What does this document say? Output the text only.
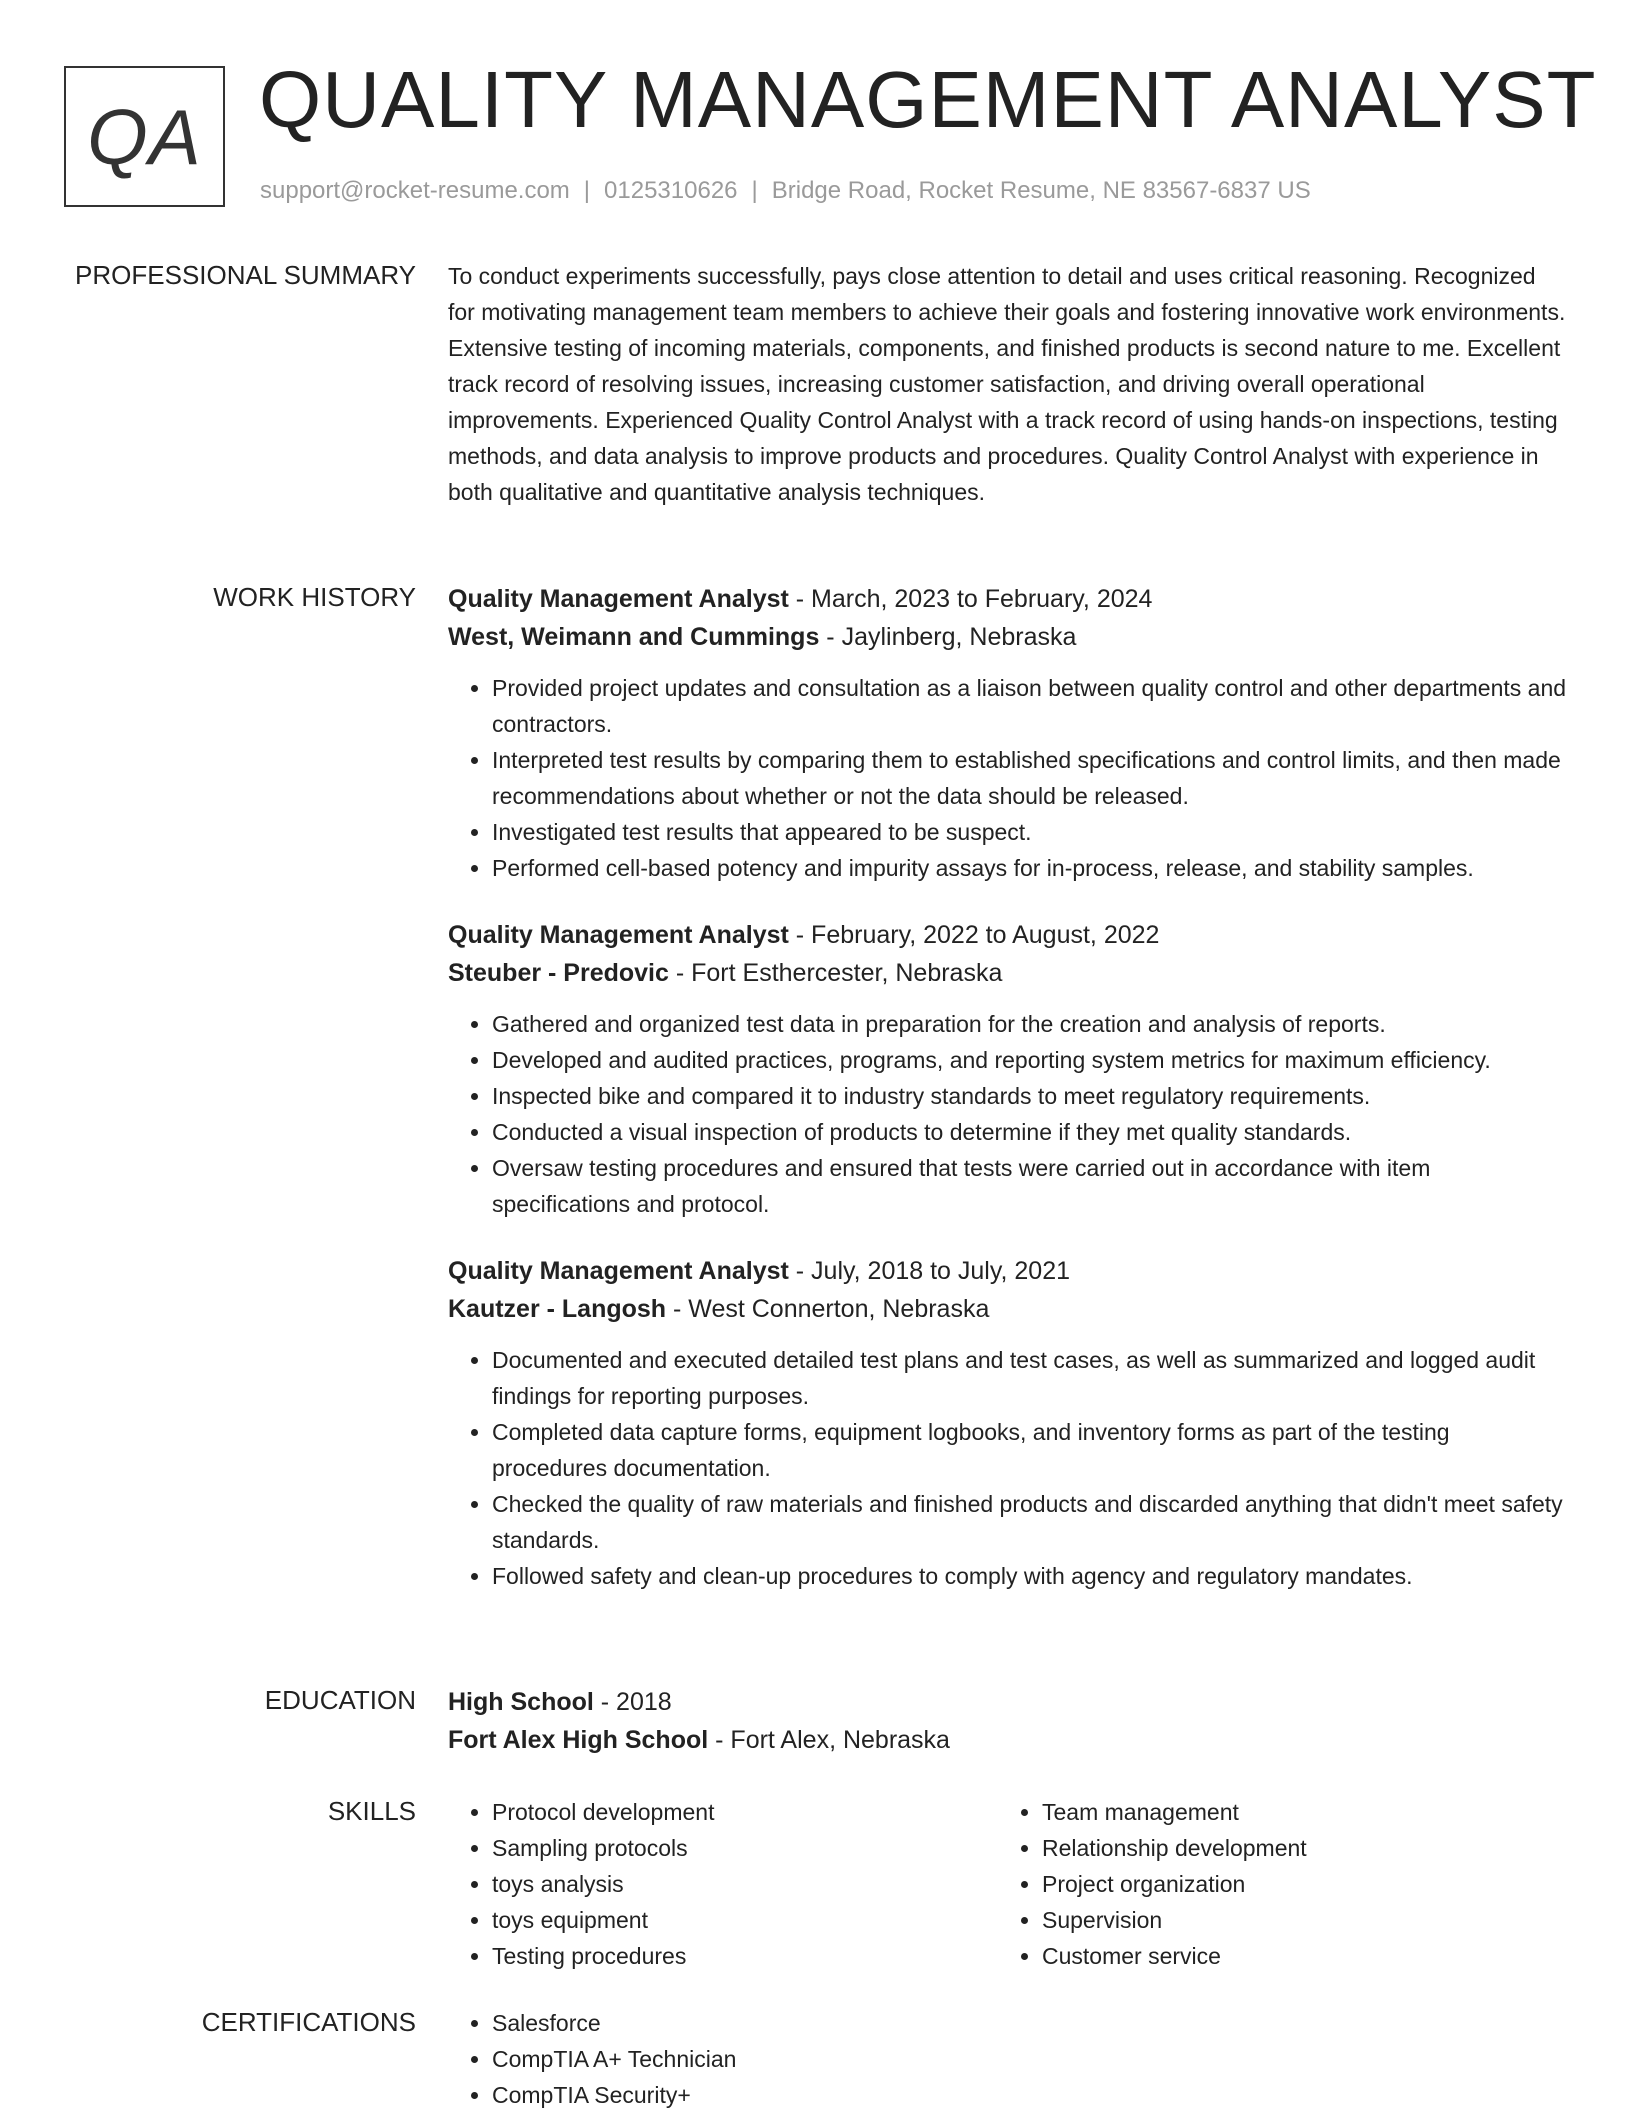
QA QUALITY MANAGEMENT ANALYST
support@rocket-resume.com | 0125310626 | Bridge Road, Rocket Resume, NE 83567-6837 US
PROFESSIONAL SUMMARY To conduct experiments successfully, pays close attention to detail and uses critical reasoning. Recognized for motivating management team members to achieve their goals and fostering innovative work environments. Extensive testing of incoming materials, components, and finished products is second nature to me. Excellent track record of resolving issues, increasing customer satisfaction, and driving overall operational improvements. Experienced Quality Control Analyst with a track record of using hands-on inspections, testing methods, and data analysis to improve products and procedures. Quality Control Analyst with experience in both qualitative and quantitative analysis techniques.

WORK HISTORY Quality Management Analyst - March, 2023 to February, 2024

West, Weimann and Cummings - Jaylinberg, Nebraska

• Provided project updates and consultation as a liaison between quality control and other departments and contractors.
• Interpreted test results by comparing them to established specifications and control limits, and then made recommendations about whether or not the data should be released.
• Investigated test results that appeared to be suspect.
• Performed cell-based potency and impurity assays for in-process, release, and stability samples.

Quality Management Analyst - February, 2022 to August, 2022

Steuber - Predovic - Fort Esthercester, Nebraska

• Gathered and organized test data in preparation for the creation and analysis of reports.
• Developed and audited practices, programs, and reporting system metrics for maximum efficiency.
• Inspected bike and compared it to industry standards to meet regulatory requirements.
• Conducted a visual inspection of products to determine if they met quality standards.
• Oversaw testing procedures and ensured that tests were carried out in accordance with item specifications and protocol.

Quality Management Analyst - July, 2018 to July, 2021

Kautzer - Langosh - West Connerton, Nebraska

• Documented and executed detailed test plans and test cases, as well as summarized and logged audit findings for reporting purposes.
• Completed data capture forms, equipment logbooks, and inventory forms as part of the testing procedures documentation.
• Checked the quality of raw materials and finished products and discarded anything that didn't meet safety standards.
• Followed safety and clean-up procedures to comply with agency and regulatory mandates.
EDUCATION High School - 2018

Fort Alex High School - Fort Alex, Nebraska

SKILLS	• Protocol development
• Sampling protocols
• toys analysis
• toys equipment
• Testing procedures
• Team management
• Relationship development
• Project organization
• Supervision
• Customer service
CERTIFICATIONS	• Salesforce
• CompTIA A+ Technician
• CompTIA Security+
